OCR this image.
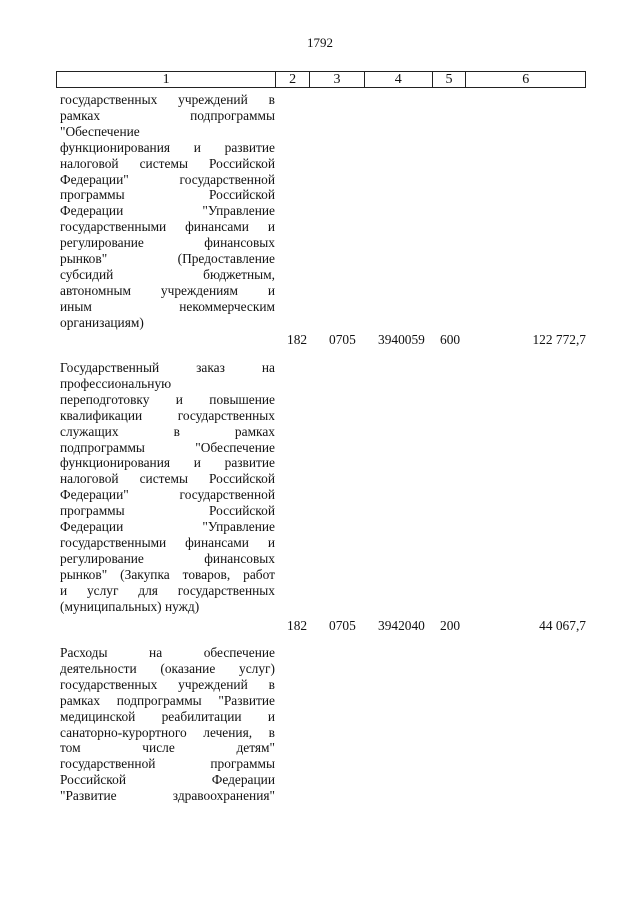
1792
1	2	3	4	5	6
государственных учреждений в
рамках подпрограммы
"Обеспечение
функционирования и развитие
налоговой системы Российской
Федерации" государственной
программы Российской
Федерации "Управление
государственными финансами и
регулирование финансовых
рынков" (Предоставление
субсидий бюджетным,
автономным учреждениям и
иным некоммерческим
организациям)
182 0705 3940059 600	122 772,7
Государственный заказ на
профессиональную
переподготовку и повышение
квалификации государственных
служащих в рамках
подпрограммы "Обеспечение
функционирования и развитие
налоговой системы Российской
Федерации" государственной
программы Российской
Федерации "Управление
государственными финансами и
регулирование финансовых
рынков" (Закупка товаров, работ
и услуг для государственных
(муниципальных) нужд)
182 0705 3942040 200	44 067,7
Расходы на обеспечение
деятельности (оказание услуг)
государственных учреждений в
рамках подпрограммы "Развитие
медицинской реабилитации и
санаторно-курортного лечения, в
том числе детям"
государственной программы
Российской Федерации
"Развитие здравоохранения"
